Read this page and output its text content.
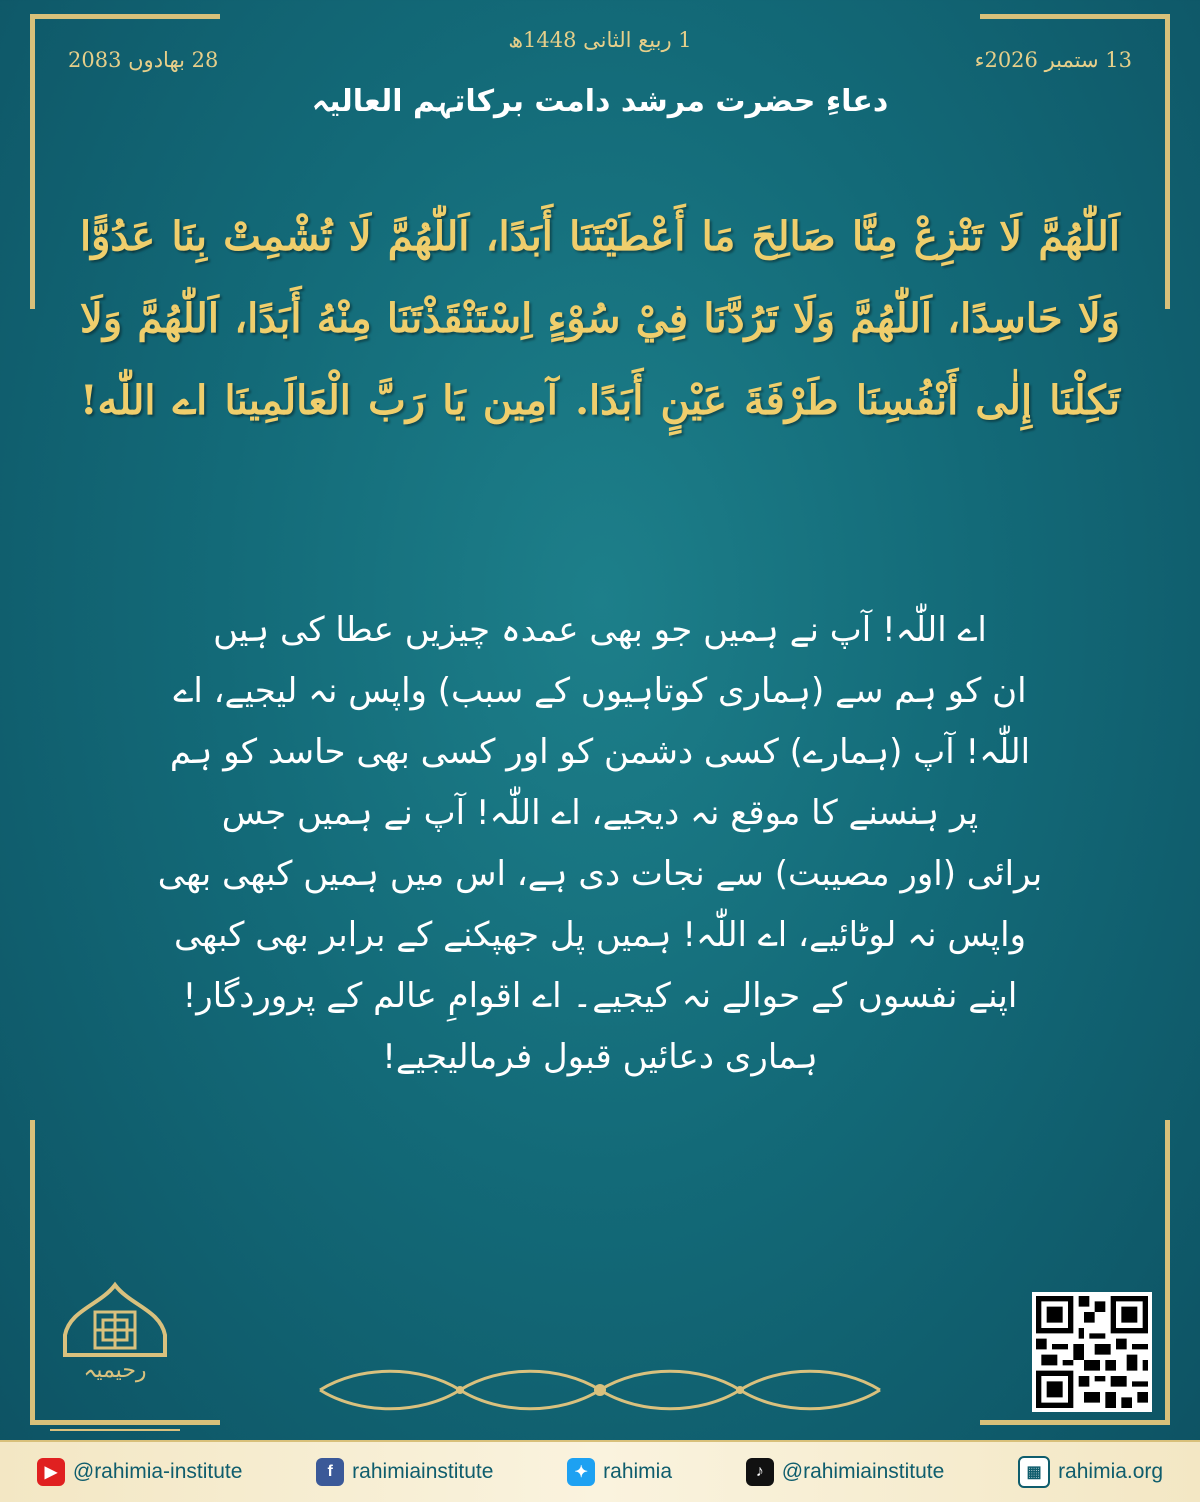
1 ربیع الثانی 1448ھ
13 ستمبر 2026ء
28 بھادوں 2083
دعاءِ حضرت مرشد دامت برکاتہم العالیہ
اَللّٰهُمَّ لَا تَنْزِعْ مِنَّا صَالِحَ مَا أَعْطَيْتَنَا أَبَدًا، اَللّٰهُمَّ لَا تُشْمِتْ بِنَا عَدُوًّا وَلَا حَاسِدًا، اَللّٰهُمَّ وَلَا تَرُدَّنَا فِيْ سُوْءٍ اِسْتَنْقَذْتَنَا مِنْهُ أَبَدًا، اَللّٰهُمَّ وَلَا تَكِلْنَا إِلٰى أَنْفُسِنَا طَرْفَةَ عَيْنٍ أَبَدًا. آمِين يَا رَبَّ الْعَالَمِينَا اے اللّٰه!
اے اللّٰہ! آپ نے ہمیں جو بھی عمدہ چیزیں عطا کی ہیں
ان کو ہم سے (ہماری کوتاہیوں کے سبب) واپس نہ لیجیے، اے
اللّٰہ! آپ (ہمارے) کسی دشمن کو اور کسی بھی حاسد کو ہم
پر ہنسنے کا موقع نہ دیجیے، اے اللّٰہ! آپ نے ہمیں جس
برائی (اور مصیبت) سے نجات دی ہے، اس میں ہمیں کبھی بھی
واپس نہ لوٹائیے، اے اللّٰہ! ہمیں پل جھپکنے کے برابر بھی کبھی
اپنے نفسوں کے حوالے نہ کیجیے۔ اے اقوامِ عالم کے پروردگار!
ہماری دعائیں قبول فرمالیجیے!
رحیمیہ
▶ @rahimia-institute	f rahimiainstitute	✦ rahimia	♪ @rahimiainstitute	▦ rahimia.org
